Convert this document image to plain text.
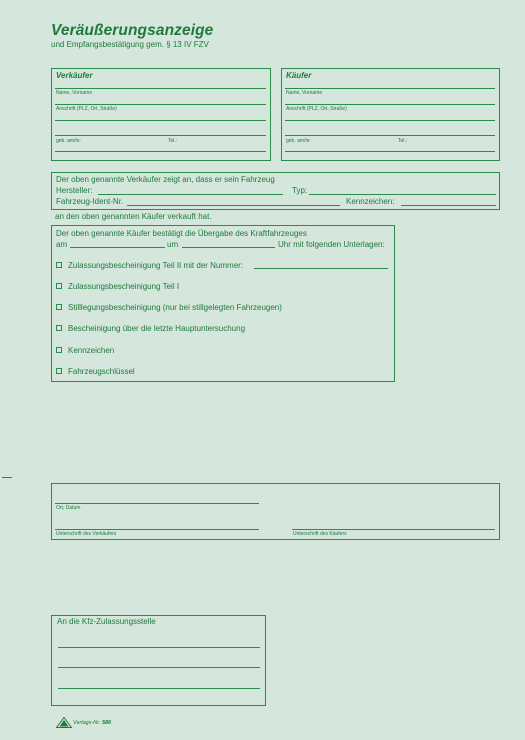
Veräußerungsanzeige
und Empfangsbestätigung gem. § 13 IV FZV
Verkäufer
Name, Vorname
Anschrift (PLZ, Ort, Straße)
geb. am/in:	Tel.:
Käufer
Name, Vorname
Anschrift (PLZ, Ort, Straße)
geb. am/in:	Tel.:
Der oben genannte Verkäufer zeigt an, dass er sein Fahrzeug
Hersteller:	Typ:
Fahrzeug-Ident-Nr.	Kennzeichen:
an den oben genannten Käufer verkauft hat.
Der oben genannte Käufer bestätigt die Übergabe des Kraftfahrzeuges
am	um	Uhr mit folgenden Unterlagen:
Zulassungsbescheinigung Teil II mit der Nummer:
Zulassungsbescheinigung Teil I
Stilllegungsbescheinigung (nur bei stillgelegten Fahrzeugen)
Bescheinigung über die letzte Hauptuntersuchung
Kennzeichen
Fahrzeugschlüssel
Ort, Datum
Unterschrift des Verkäufers	Unterschrift des Käufers
An die Kfz-Zulassungsstelle
Verlags-Nr. 586
